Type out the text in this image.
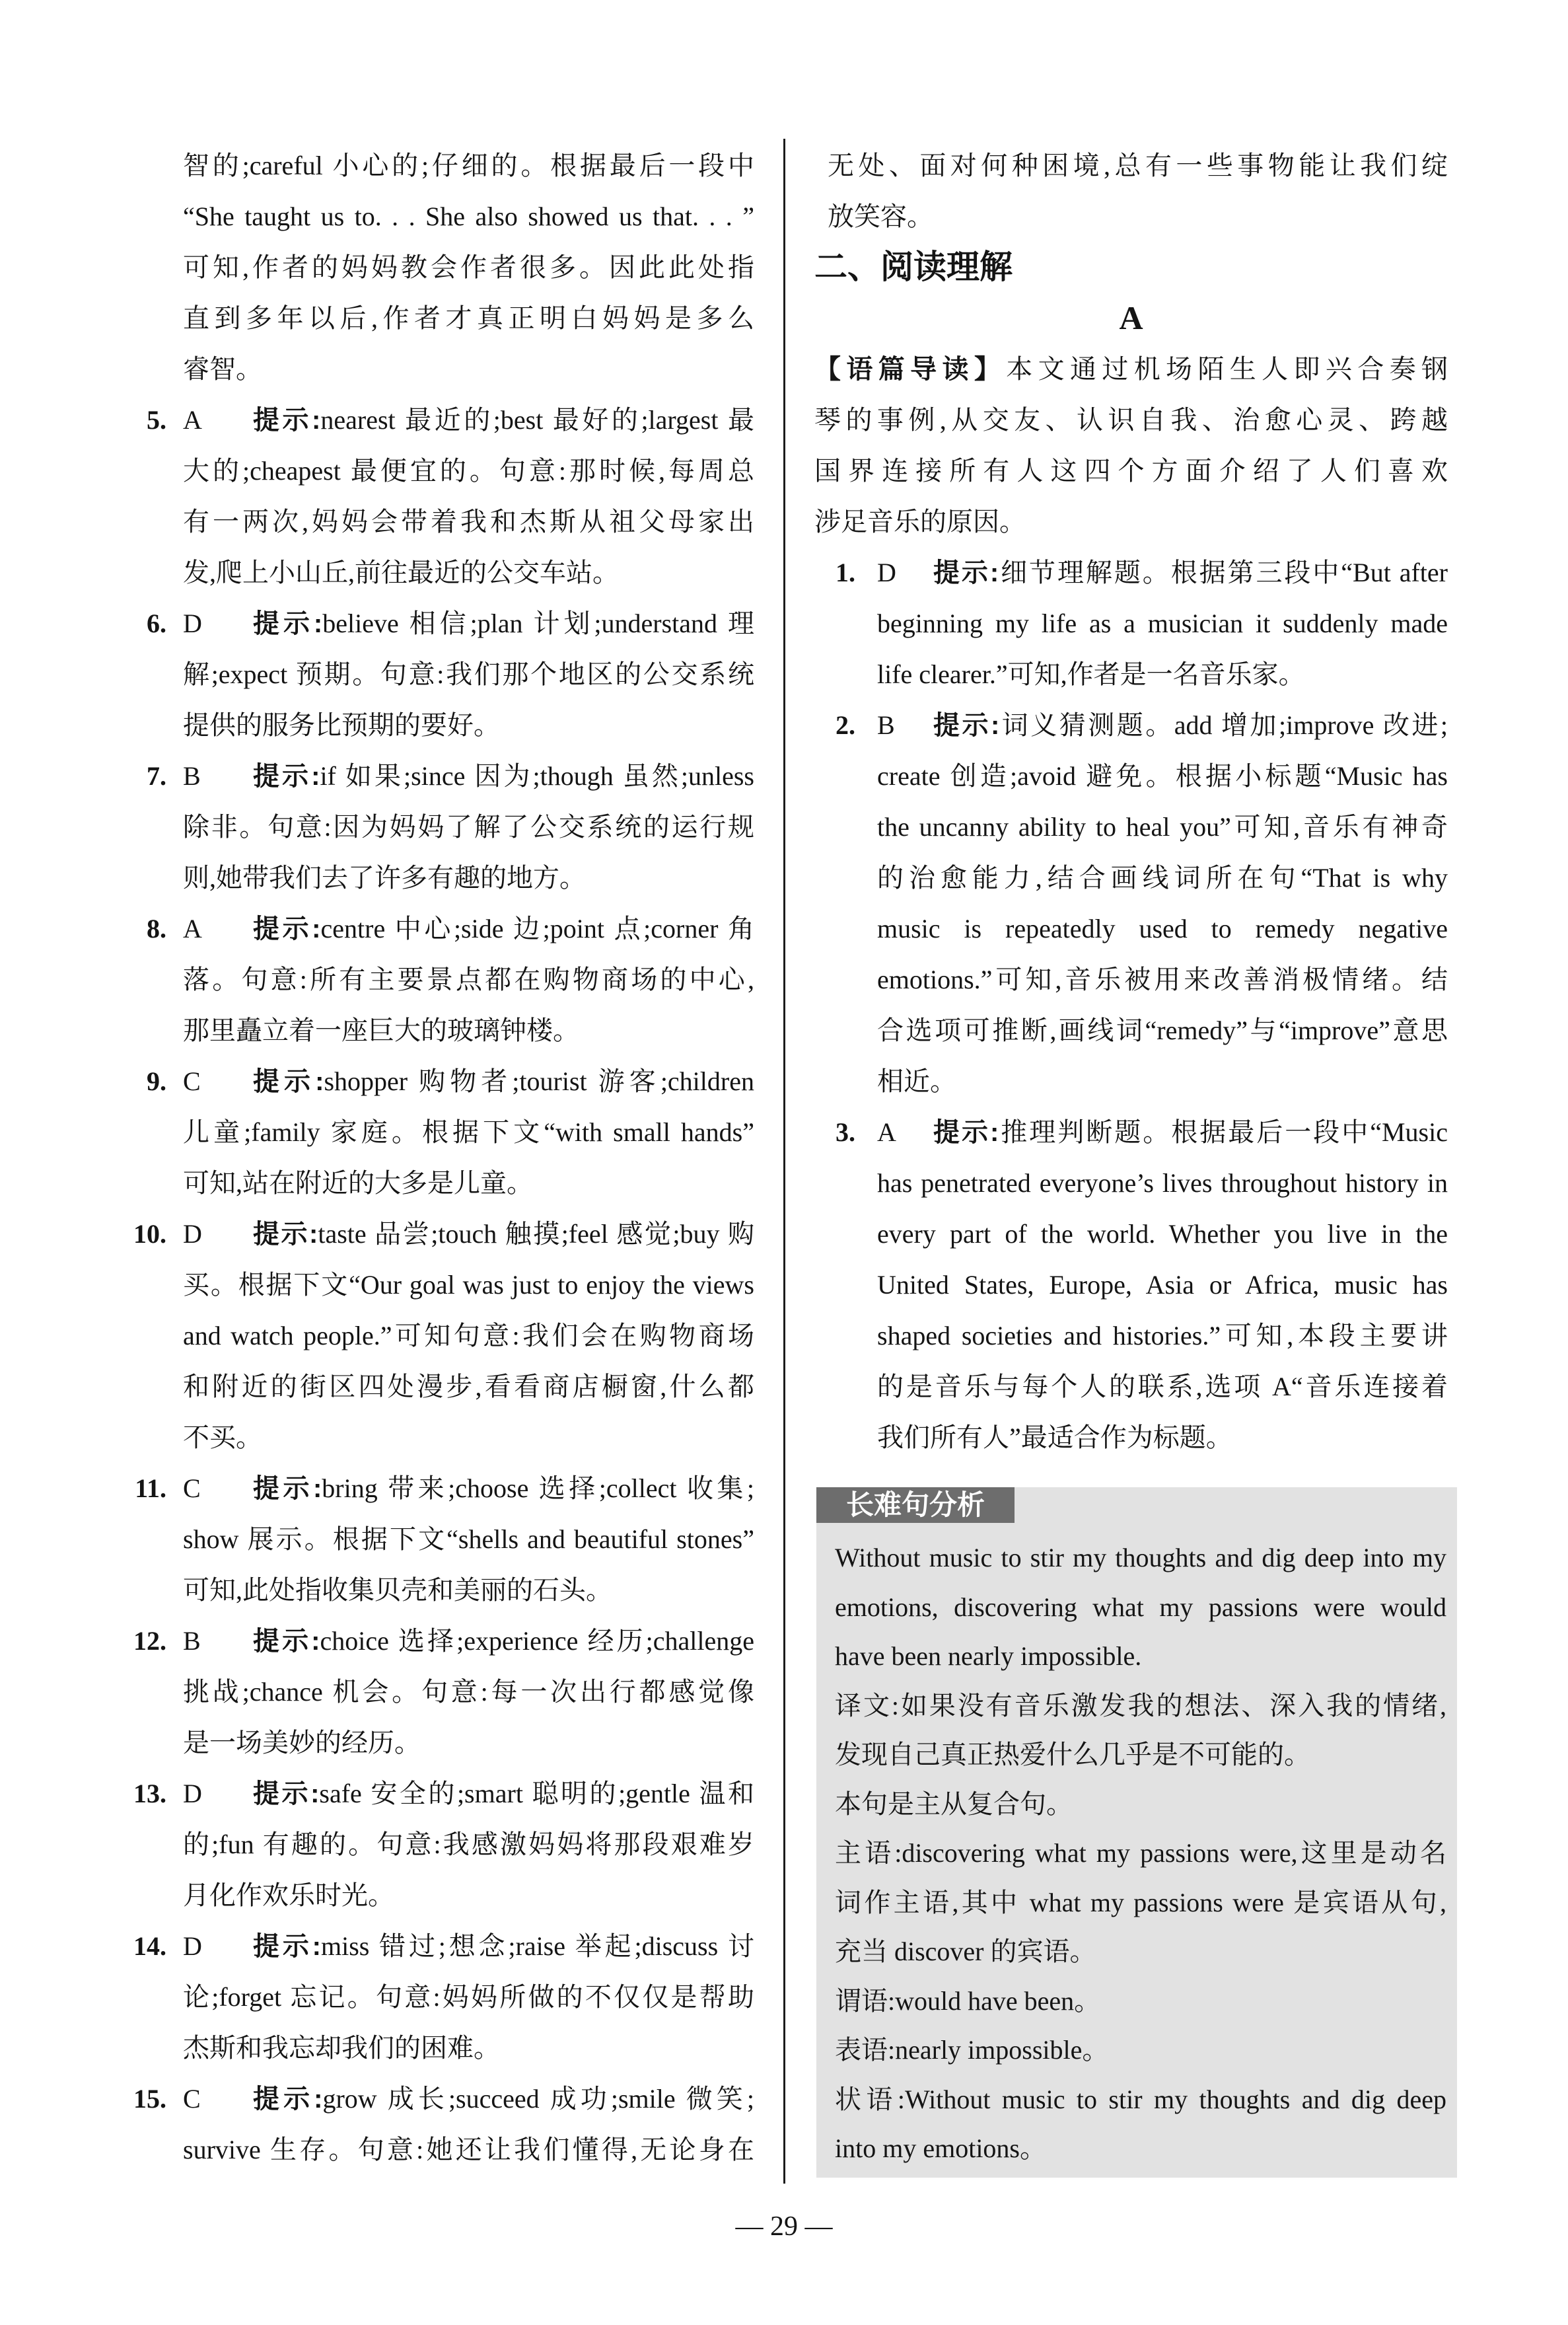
智的;careful 小心的;仔细的。根据最后一段中
“She taught us to. . . She also showed us that. . . ”
可知,作者的妈妈教会作者很多。因此此处指
直到多年以后,作者才真正明白妈妈是多么
睿智。
5. A	提示:nearest 最近的;best 最好的;largest 最
大的;cheapest 最便宜的。句意:那时候,每周总
有一两次,妈妈会带着我和杰斯从祖父母家出
发,爬上小山丘,前往最近的公交车站。
6. D	提示:believe 相信;plan 计划;understand 理
解;expect 预期。句意:我们那个地区的公交系统
提供的服务比预期的要好。
7. B	提示:if 如果;since 因为;though 虽然;unless
除非。句意:因为妈妈了解了公交系统的运行规
则,她带我们去了许多有趣的地方。
8. A	提示:centre 中心;side 边;point 点;corner 角
落。句意:所有主要景点都在购物商场的中心,
那里矗立着一座巨大的玻璃钟楼。
9. C	提示:shopper 购物者;tourist 游客;children
儿童;family 家庭。根据下文“with small hands”
可知,站在附近的大多是儿童。
10. D	提示:taste 品尝;touch 触摸;feel 感觉;buy 购
买。根据下文“Our goal was just to enjoy the views
and watch people.”可知句意:我们会在购物商场
和附近的街区四处漫步,看看商店橱窗,什么都
不买。
11. C	提示:bring 带来;choose 选择;collect 收集;
show 展示。根据下文“shells and beautiful stones”
可知,此处指收集贝壳和美丽的石头。
12. B	提示:choice 选择;experience 经历;challenge
挑战;chance 机会。句意:每一次出行都感觉像
是一场美妙的经历。
13. D	提示:safe 安全的;smart 聪明的;gentle 温和
的;fun 有趣的。句意:我感激妈妈将那段艰难岁
月化作欢乐时光。
14. D	提示:miss 错过;想念;raise 举起;discuss 讨
论;forget 忘记。句意:妈妈所做的不仅仅是帮助
杰斯和我忘却我们的困难。
15. C	提示:grow 成长;succeed 成功;smile 微笑;
survive 生存。句意:她还让我们懂得,无论身在
无处、面对何种困境,总有一些事物能让我们绽
放笑容。
二、阅读理解
A
【语篇导读】本文通过机场陌生人即兴合奏钢
琴的事例,从交友、认识自我、治愈心灵、跨越
国界连接所有人这四个方面介绍了人们喜欢
涉足音乐的原因。
1. D	提示:细节理解题。根据第三段中“But after
beginning my life as a musician it suddenly made
life clearer.”可知,作者是一名音乐家。
2. B	提示:词义猜测题。add 增加;improve 改进;
create 创造;avoid 避免。根据小标题“Music has
the uncanny ability to heal you”可知,音乐有神奇
的治愈能力,结合画线词所在句“That is why
music is repeatedly used to remedy negative
emotions.”可知,音乐被用来改善消极情绪。结
合选项可推断,画线词“remedy”与“improve”意思
相近。
3. A	提示:推理判断题。根据最后一段中“Music
has penetrated everyone’s lives throughout history in
every part of the world. Whether you live in the
United States, Europe, Asia or Africa, music has
shaped societies and histories.”可知,本段主要讲
的是音乐与每个人的联系,选项 A“音乐连接着
我们所有人”最适合作为标题。
长难句分析
Without music to stir my thoughts and dig deep into my
emotions, discovering what my passions were would
have been nearly impossible.
译文:如果没有音乐激发我的想法、深入我的情绪,
发现自己真正热爱什么几乎是不可能的。
本句是主从复合句。
主语:discovering what my passions were,这里是动名
词作主语,其中 what my passions were 是宾语从句,
充当 discover 的宾语。
谓语:would have been。
表语:nearly impossible。
状语:Without music to stir my thoughts and dig deep
into my emotions。
— 29 —
